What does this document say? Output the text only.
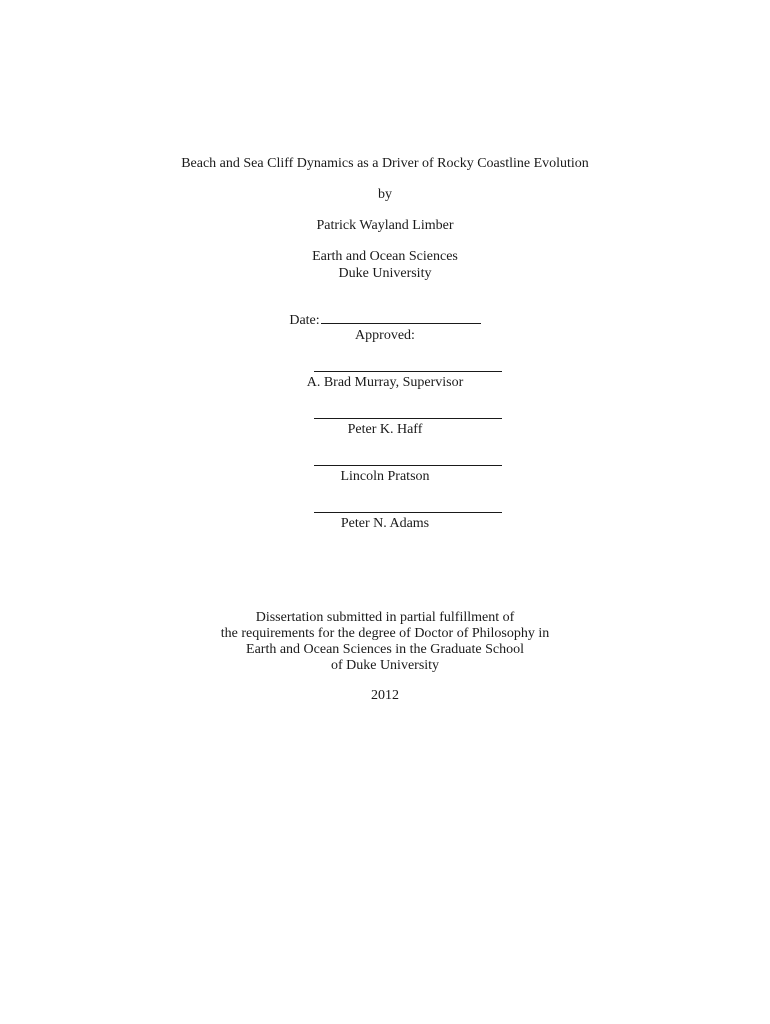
Beach and Sea Cliff Dynamics as a Driver of Rocky Coastline Evolution
by
Patrick Wayland Limber
Earth and Ocean Sciences
Duke University
Date:
Approved:
A. Brad Murray, Supervisor
Peter K. Haff
Lincoln Pratson
Peter N. Adams
Dissertation submitted in partial fulfillment of
the requirements for the degree of Doctor of Philosophy in
Earth and Ocean Sciences in the Graduate School
of Duke University
2012
